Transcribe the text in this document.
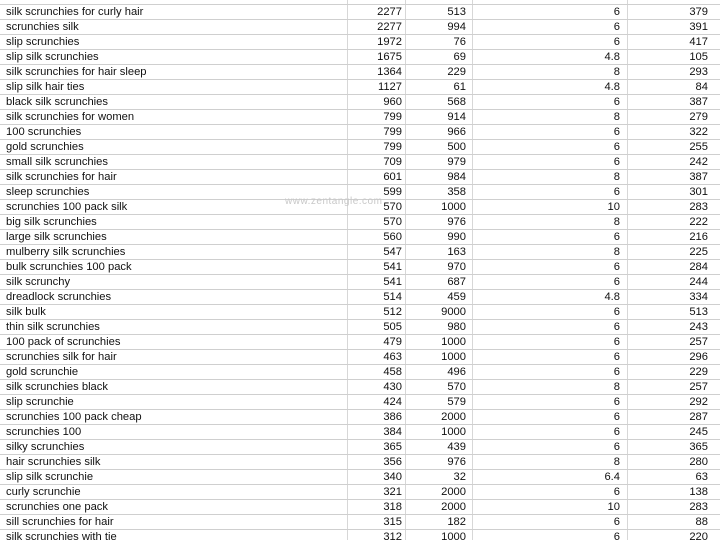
silk scrunchies for curly hair	2277	513	6	379
scrunchies silk	2277	994	6	391
slip scrunchies	1972	76	6	417
slip silk scrunchies	1675	69	4.8	105
silk scrunchies for hair sleep	1364	229	8	293
slip silk hair ties	1127	61	4.8	84
black silk scrunchies	960	568	6	387
silk scrunchies for women	799	914	8	279
100 scrunchies	799	966	6	322
gold scrunchies	799	500	6	255
small silk scrunchies	709	979	6	242
silk scrunchies for hair	601	984	8	387
sleep scrunchies	599	358	6	301
scrunchies 100 pack silk	570	1000	10	283
big silk scrunchies	570	976	8	222
large silk scrunchies	560	990	6	216
mulberry silk scrunchies	547	163	8	225
bulk scrunchies 100 pack	541	970	6	284
silk scrunchy	541	687	6	244
dreadlock scrunchies	514	459	4.8	334
silk bulk	512	9000	6	513
thin silk scrunchies	505	980	6	243
100 pack of scrunchies	479	1000	6	257
scrunchies silk for hair	463	1000	6	296
gold scrunchie	458	496	6	229
silk scrunchies black	430	570	8	257
slip scrunchie	424	579	6	292
scrunchies 100 pack cheap	386	2000	6	287
scrunchies 100	384	1000	6	245
silky scrunchies	365	439	6	365
hair scrunchies silk	356	976	8	280
slip silk scrunchie	340	32	6.4	63
curly scrunchie	321	2000	6	138
scrunchies one pack	318	2000	10	283
sill scrunchies for hair	315	182	6	88
silk scrunchies with tie	312	1000	6	220
www.zentangle.com
